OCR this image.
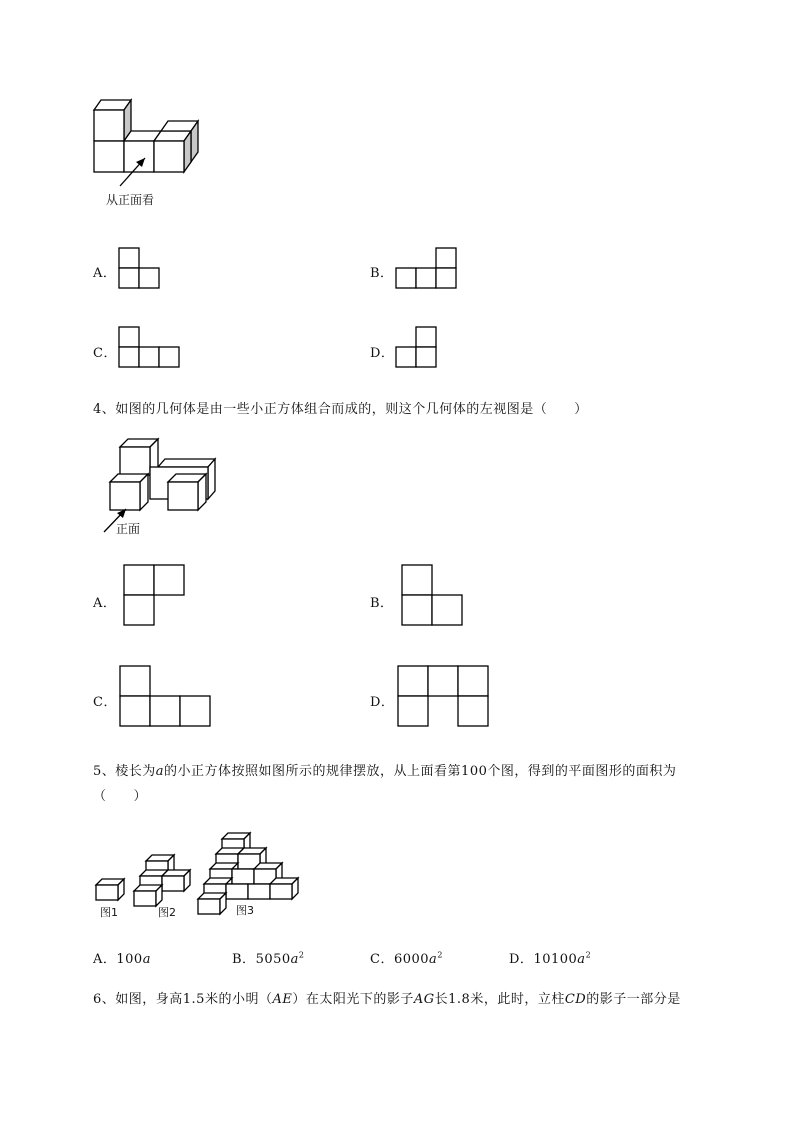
从正面看
A．	B．
C．	D．
4、如图的几何体是由一些小正方体组合而成的，则这个几何体的左视图是（　　）
正面
A．	B．
C．	D．
5、棱长为a的小正方体按照如图所示的规律摆放，从上面看第100个图，得到的平面图形的面积为
（　　）
图1	图2	图3
A．100a	B．$5050a^2$	C．$6000a^2$	D．$10100a^2$
6、如图，身高1.5米的小明（AE）在太阳光下的影子AG长1.8米，此时，立柱CD的影子一部分是
